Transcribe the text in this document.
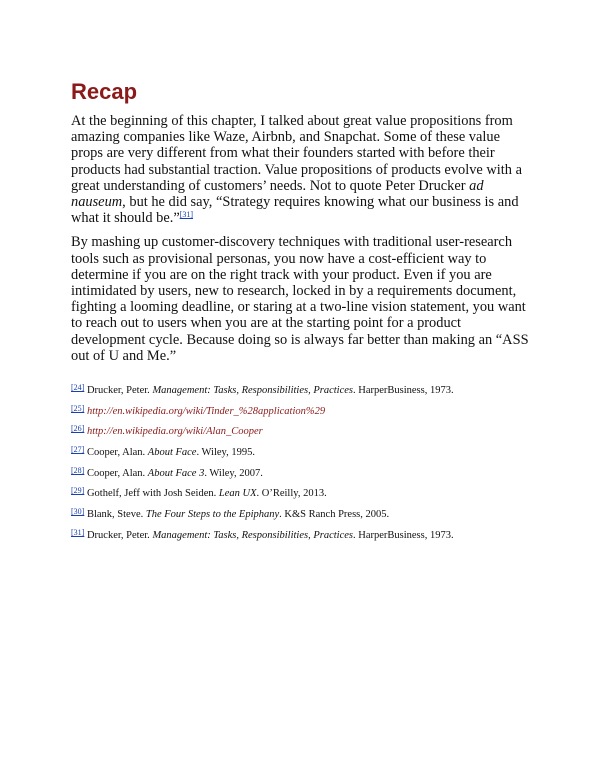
Recap

At the beginning of this chapter, I talked about great value propositions from amazing companies like Waze, Airbnb, and Snapchat. Some of these value props are very different from what their founders started with before their products had substantial traction. Value propositions of products evolve with a great understanding of customers’ needs. Not to quote Peter Drucker ad nauseum, but he did say, “Strategy requires knowing what our business is and what it should be.”[31]

By mashing up customer-discovery techniques with traditional user-research tools such as provisional personas, you now have a cost-efficient way to determine if you are on the right track with your product. Even if you are intimidated by users, new to research, locked in by a requirements document, fighting a looming deadline, or staring at a two-line vision statement, you want to reach out to users when you are at the starting point for a product development cycle. Because doing so is always far better than making an “ASS out of U and Me.”

[24] Drucker, Peter. Management: Tasks, Responsibilities, Practices. HarperBusiness, 1973.
[25] http://en.wikipedia.org/wiki/Tinder_%28application%29
[26] http://en.wikipedia.org/wiki/Alan_Cooper
[27] Cooper, Alan. About Face. Wiley, 1995.
[28] Cooper, Alan. About Face 3. Wiley, 2007.
[29] Gothelf, Jeff with Josh Seiden. Lean UX. O’Reilly, 2013.
[30] Blank, Steve. The Four Steps to the Epiphany. K&S Ranch Press, 2005.
[31] Drucker, Peter. Management: Tasks, Responsibilities, Practices. HarperBusiness, 1973.
